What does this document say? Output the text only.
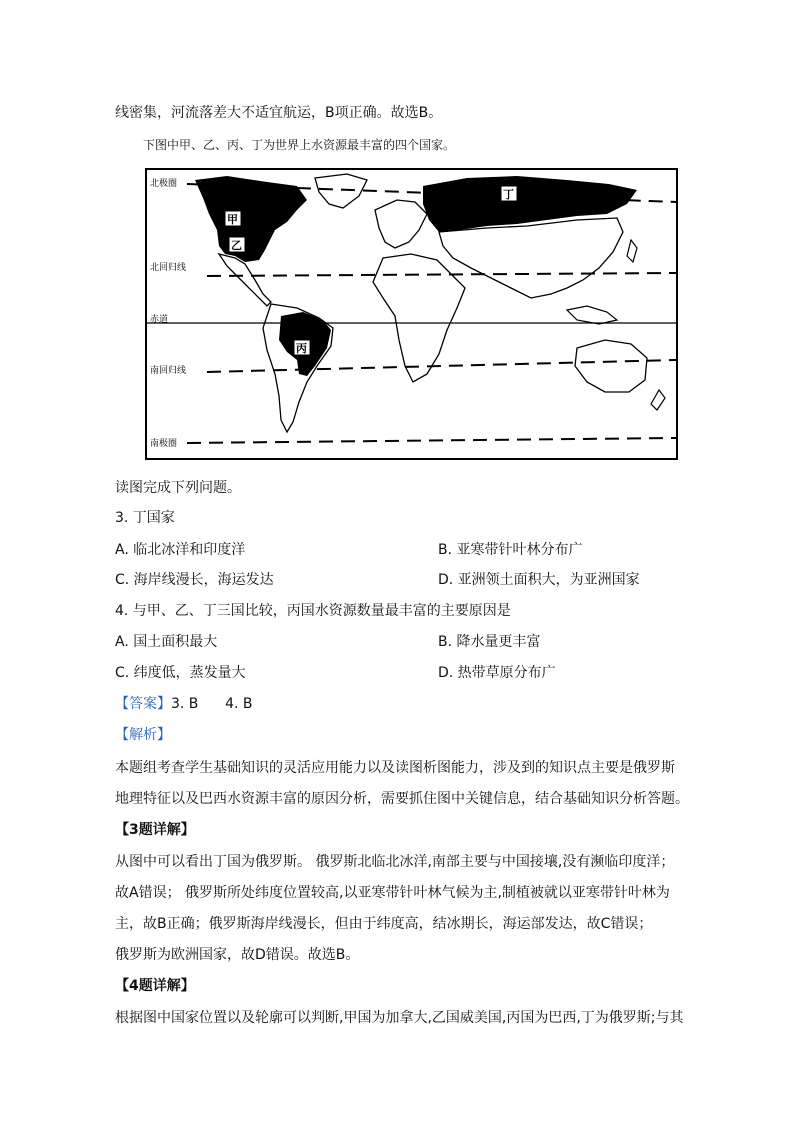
线密集，河流落差大不适宜航运，B项正确。故选B。
下图中甲、乙、丙、丁为世界上水资源最丰富的四个国家。
北极圈
北回归线
赤道
南回归线
南极圈
甲
乙
丙
丁
读图完成下列问题。
3. 丁国家
A. 临北冰洋和印度洋	B. 亚寒带针叶林分布广
C. 海岸线漫长，海运发达	D. 亚洲领土面积大，为亚洲国家
4. 与甲、乙、丁三国比较，丙国水资源数量最丰富的主要原因是
A. 国土面积最大	B. 降水量更丰富
C. 纬度低，蒸发量大	D. 热带草原分布广
【答案】3. B      4. B
【解析】
本题组考查学生基础知识的灵活应用能力以及读图析图能力，涉及到的知识点主要是俄罗斯
地理特征以及巴西水资源丰富的原因分析，需要抓住图中关键信息，结合基础知识分析答题。
【3题详解】
从图中可以看出丁国为俄罗斯。 俄罗斯北临北冰洋,南部主要与中国接壤,没有濒临印度洋；
故A错误； 俄罗斯所处纬度位置较高,以亚寒带针叶林气候为主,制植被就以亚寒带针叶林为
主，故B正确；俄罗斯海岸线漫长，但由于纬度高，结冰期长，海运部发达，故C错误；
俄罗斯为欧洲国家，故D错误。故选B。
【4题详解】
根据图中国家位置以及轮廓可以判断,甲国为加拿大,乙国威美国,丙国为巴西,丁为俄罗斯;与其
